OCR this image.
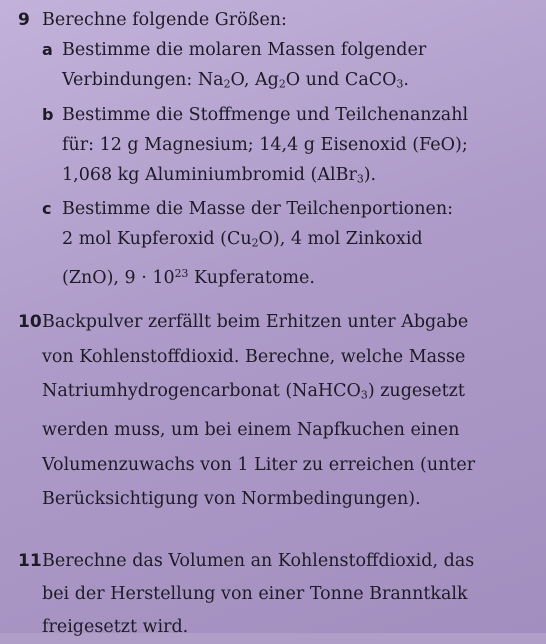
9 Berechne folgende Größen:
a Bestimme die molaren Massen folgender
Verbindungen: $Na_2O$, $Ag_2O$ und CaCO$_3$.
b Bestimme die Stoffmenge und Teilchenanzahl
für: 12 g Magnesium; 14,4 g Eisenoxid (FeO);
1,068 kg Aluminiumbromid (AlBr$_3$).
c Bestimme die Masse der Teilchenportionen:
2 mol Kupferoxid $(Cu_2O)$, 4 mol Zinkoxid
(ZnO), $9 \cdot 10^{23}$ Kupferatome.
10 Backpulver zerfällt beim Erhitzen unter Abgabe
von Kohlenstoffdioxid. Berechne, welche Masse
Natriumhydrogencarbonat (NaHCO$_3$) zugesetzt
werden muss, um bei einem Napfkuchen einen
Volumenzuwachs von 1 Liter zu erreichen (unter
Berücksichtigung von Normbedingungen).
11 Berechne das Volumen an Kohlenstoffdioxid, das
bei der Herstellung von einer Tonne Branntkalk
freigesetzt wird.
